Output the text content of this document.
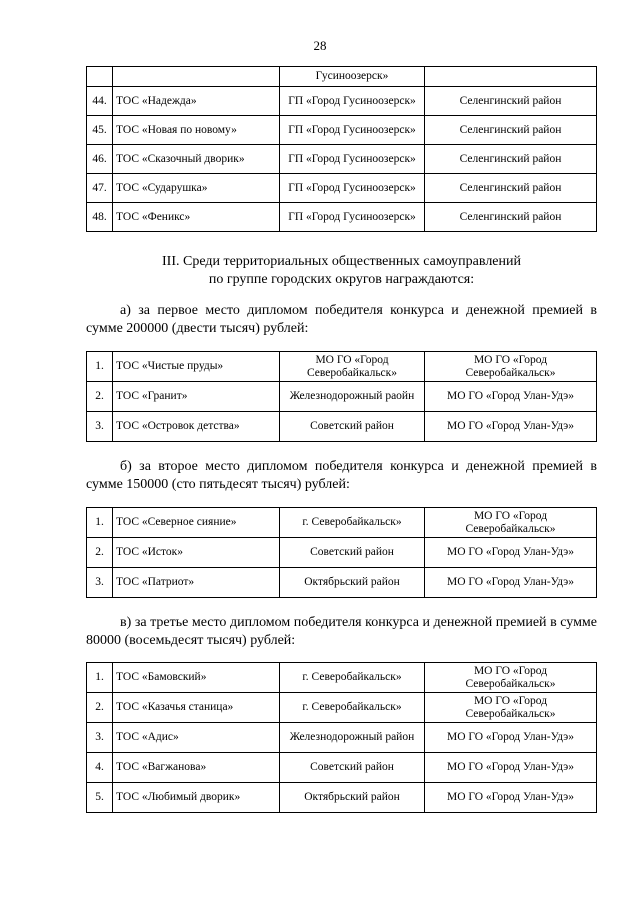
28
		Гусиноозерск»	
44.	ТОС «Надежда»	ГП «Город Гусиноозерск»	Селенгинский район
45.	ТОС «Новая по новому»	ГП «Город Гусиноозерск»	Селенгинский район
46.	ТОС «Сказочный дворик»	ГП «Город Гусиноозерск»	Селенгинский район
47.	ТОС «Сударушка»	ГП «Город Гусиноозерск»	Селенгинский район
48.	ТОС «Феникс»	ГП «Город Гусиноозерск»	Селенгинский район
III. Среди территориальных общественных самоуправлений
по группе городских округов награждаются:
а) за первое место дипломом победителя конкурса и денежной премией в сумме 200000 (двести тысяч) рублей:
1.	ТОС «Чистые пруды»	МО ГО «Город Северобайкальск»	МО ГО «Город Северобайкальск»
2.	ТОС «Гранит»	Железнодорожный раойн	МО ГО «Город Улан-Удэ»
3.	ТОС «Островок детства»	Советский район	МО ГО «Город Улан-Удэ»
б) за второе место дипломом победителя конкурса и денежной премией в сумме 150000 (сто пятьдесят тысяч) рублей:
1.	ТОС «Северное сияние»	г. Северобайкальск»	МО ГО «Город Северобайкальск»
2.	ТОС «Исток»	Советский район	МО ГО «Город Улан-Удэ»
3.	ТОС «Патриот»	Октябрьский район	МО ГО «Город Улан-Удэ»
в) за третье место дипломом победителя конкурса и денежной премией в сумме 80000 (восемьдесят тысяч) рублей:
1.	ТОС «Бамовский»	г. Северобайкальск»	МО ГО «Город Северобайкальск»
2.	ТОС «Казачья станица»	г. Северобайкальск»	МО ГО «Город Северобайкальск»
3.	ТОС «Адис»	Железнодорожный район	МО ГО «Город Улан-Удэ»
4.	ТОС «Вагжанова»	Советский район	МО ГО «Город Улан-Удэ»
5.	ТОС «Любимый дворик»	Октябрьский район	МО ГО «Город Улан-Удэ»
